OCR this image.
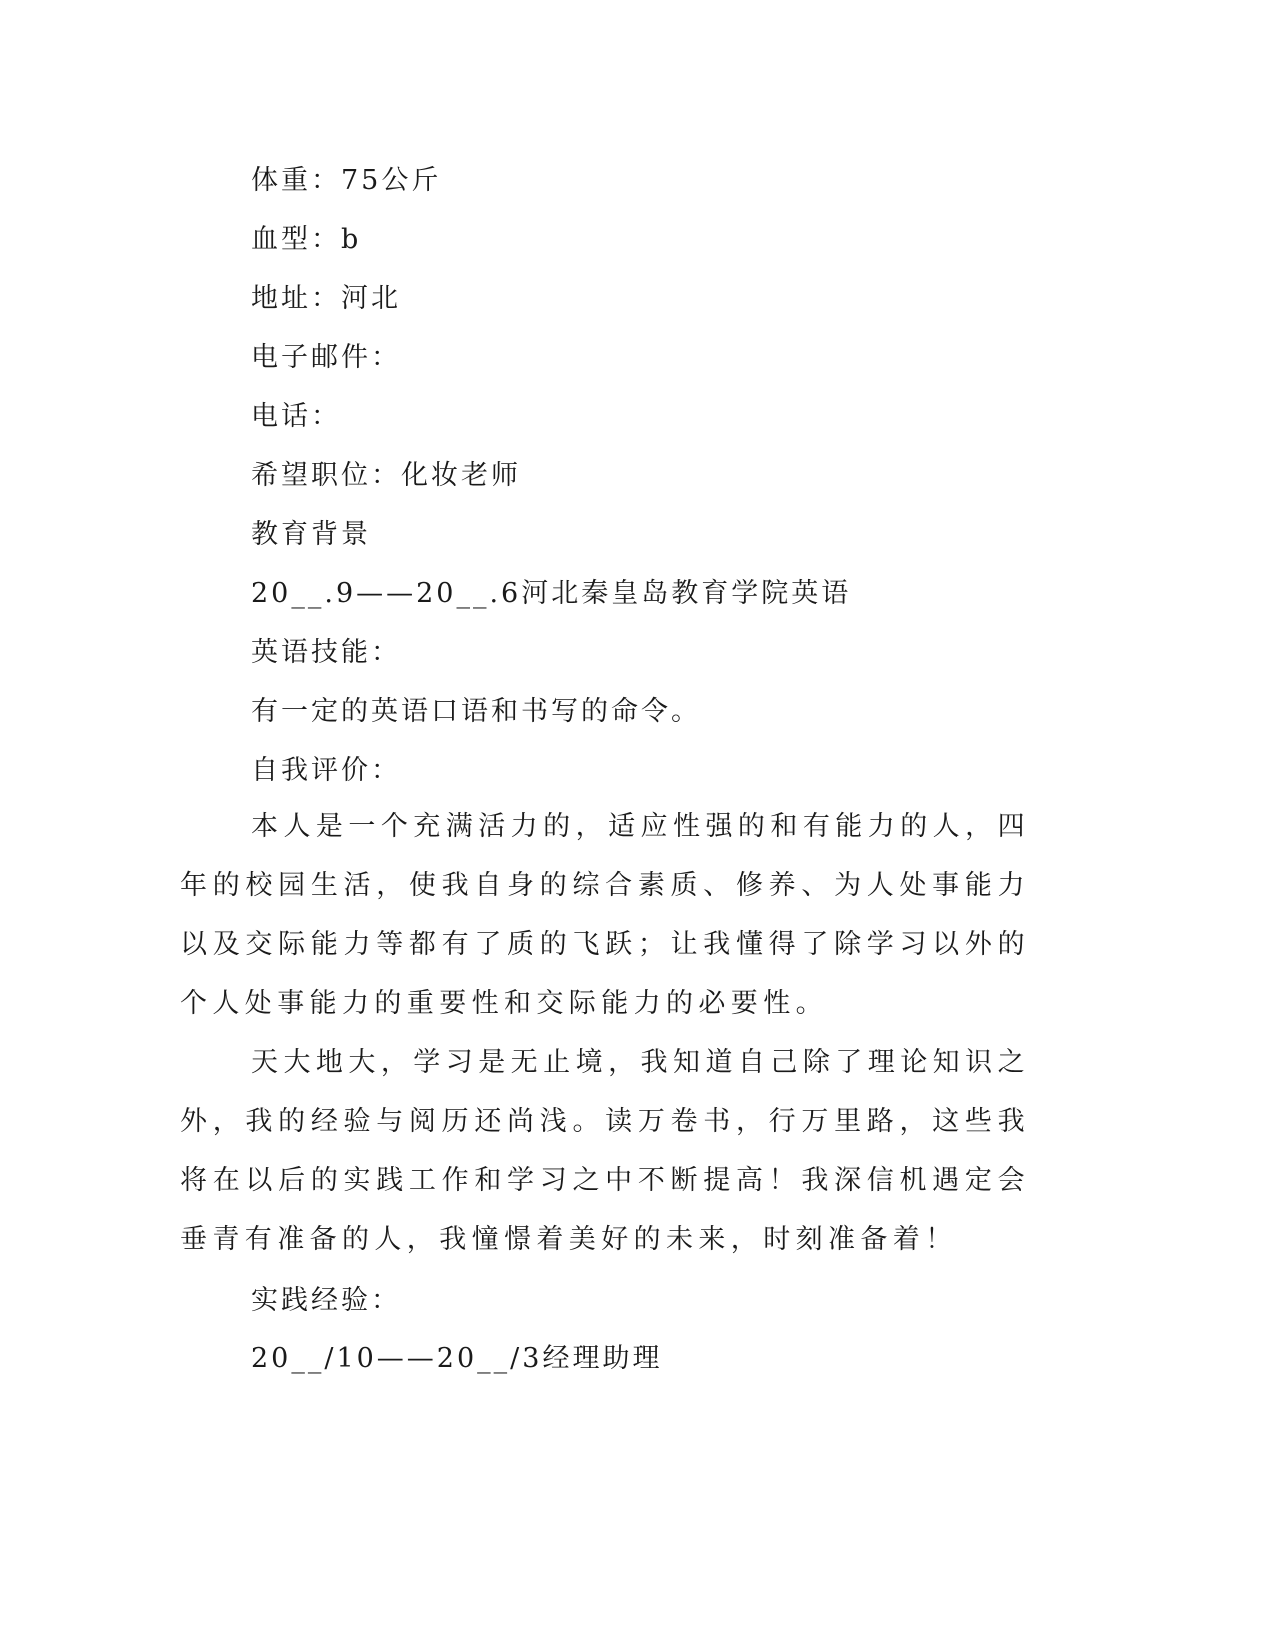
体重：75公斤
血型：b
地址：河北
电子邮件：
电话：
希望职位：化妆老师
教育背景
20__.9——20__.6河北秦皇岛教育学院英语
英语技能：
有一定的英语口语和书写的命令。
自我评价：
本人是一个充满活力的，适应性强的和有能力的人，四年的校园生活，使我自身的综合素质、修养、为人处事能力以及交际能力等都有了质的飞跃；让我懂得了除学习以外的个人处事能力的重要性和交际能力的必要性。
天大地大，学习是无止境，我知道自己除了理论知识之外，我的经验与阅历还尚浅。读万卷书，行万里路，这些我将在以后的实践工作和学习之中不断提高！我深信机遇定会垂青有准备的人，我憧憬着美好的未来，时刻准备着！
实践经验：
20__/10——20__/3经理助理
